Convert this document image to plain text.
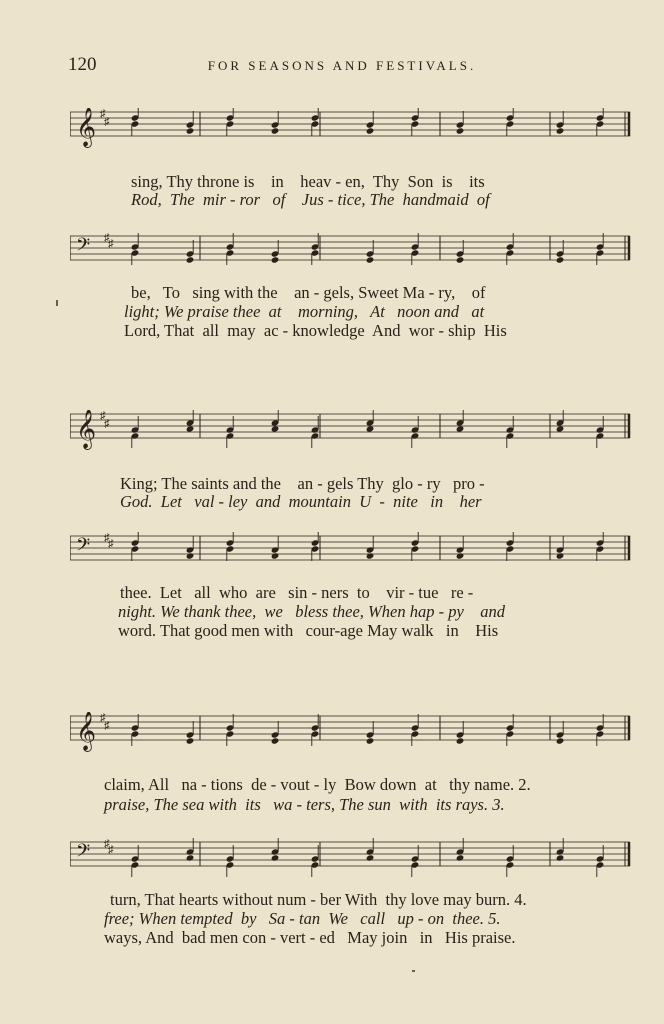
120	FOR SEASONS AND FESTIVALS.
𝄞 ♯
♯
sing, Thy throne is    in    heav - en,  Thy  Son  is    its
Rod,  The  mir - ror   of    Jus - tice, The  handmaid  of
𝄢 ♯
♯
be,   To   sing with the    an - gels, Sweet Ma - ry,    of
light; We praise thee  at    morning,   At   noon and   at
Lord, That  all  may  ac - knowledge  And  wor - ship  His
𝄞 ♯
♯
King; The saints and the    an - gels Thy  glo - ry   pro -
God.  Let   val - ley  and  mountain  U  -  nite   in    her
𝄢 ♯
♯
thee.  Let   all  who  are   sin - ners  to    vir - tue   re -
night. We thank thee,  we   bless thee, When hap - py    and
word. That good men with   cour-age May walk   in    His
𝄞 ♯
♯
claim, All   na - tions  de - vout - ly  Bow down  at   thy name. 2.
praise, The sea with  its   wa - ters, The sun  with  its rays. 3.
𝄢 ♯
♯
turn, That hearts without num - ber With  thy love may burn. 4.
free; When tempted  by   Sa - tan  We   call   up - on  thee. 5.
ways, And  bad men con - vert - ed   May join   in   His praise.
